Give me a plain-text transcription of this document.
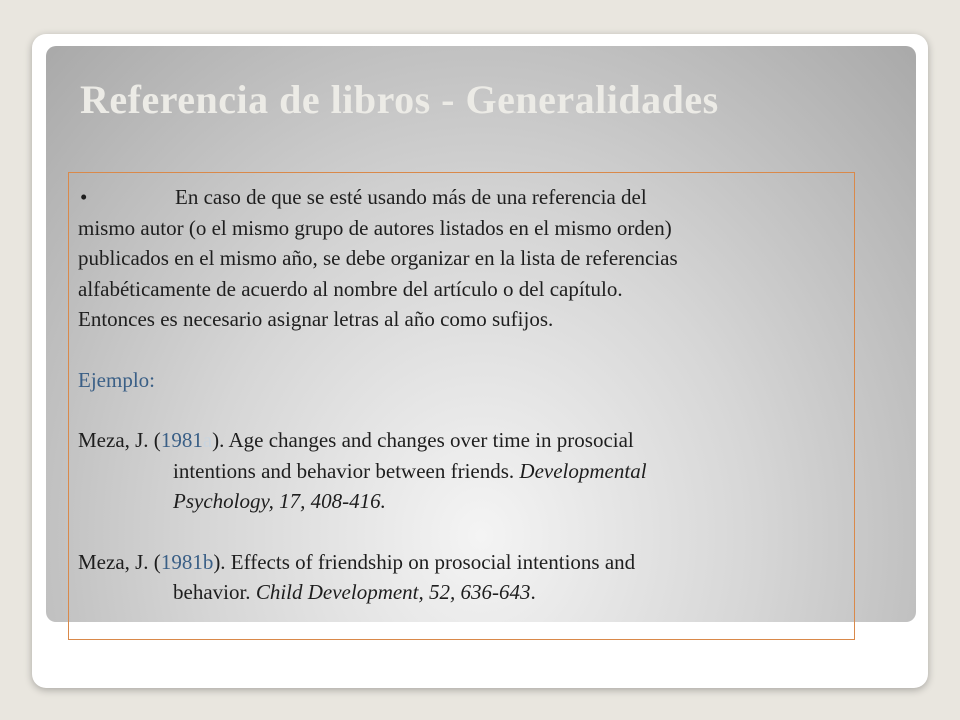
Referencia de libros - Generalidades

•	En caso de que se esté usando más de una referencia del
mismo autor (o el mismo grupo de autores listados en el mismo orden)
publicados en el mismo año, se debe organizar en la lista de referencias
alfabéticamente de acuerdo al nombre del artículo o del capítulo.
Entonces es necesario asignar letras al año como sufijos.

Ejemplo:

Meza, J. (1981a). Age changes and changes over time in prosocial
intentions and behavior between friends. Developmental
Psychology, 17, 408-416.

Meza, J. (1981b). Effects of friendship on prosocial intentions and
behavior. Child Development, 52, 636-643.
